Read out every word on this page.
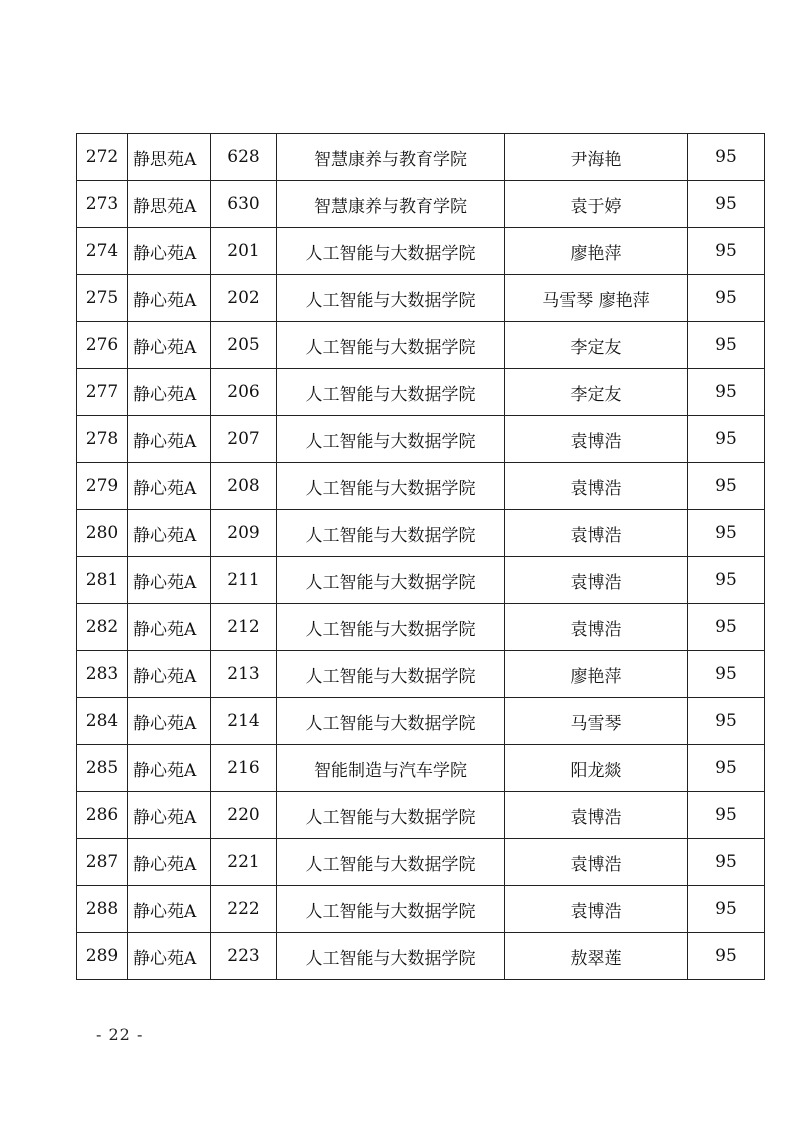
272	静思苑A	628	智慧康养与教育学院	尹海艳	95
273	静思苑A	630	智慧康养与教育学院	袁于婷	95
274	静心苑A	201	人工智能与大数据学院	廖艳萍	95
275	静心苑A	202	人工智能与大数据学院	马雪琴 廖艳萍	95
276	静心苑A	205	人工智能与大数据学院	李定友	95
277	静心苑A	206	人工智能与大数据学院	李定友	95
278	静心苑A	207	人工智能与大数据学院	袁博浩	95
279	静心苑A	208	人工智能与大数据学院	袁博浩	95
280	静心苑A	209	人工智能与大数据学院	袁博浩	95
281	静心苑A	211	人工智能与大数据学院	袁博浩	95
282	静心苑A	212	人工智能与大数据学院	袁博浩	95
283	静心苑A	213	人工智能与大数据学院	廖艳萍	95
284	静心苑A	214	人工智能与大数据学院	马雪琴	95
285	静心苑A	216	智能制造与汽车学院	阳龙燚	95
286	静心苑A	220	人工智能与大数据学院	袁博浩	95
287	静心苑A	221	人工智能与大数据学院	袁博浩	95
288	静心苑A	222	人工智能与大数据学院	袁博浩	95
289	静心苑A	223	人工智能与大数据学院	敖翠莲	95
- 22 -
